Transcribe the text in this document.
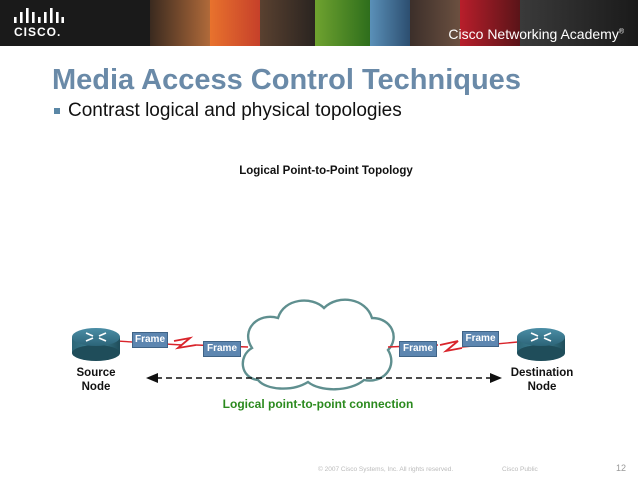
CISCO.	Cisco Networking Academy®
Media Access Control Techniques
Contrast logical and physical topologies
Logical Point-to-Point Topology
Frame
Frame	Frame
Frame
Source
Node
Destination
Node
Logical point-to-point connection
© 2007 Cisco Systems, Inc. All rights reserved.	Cisco Public	12
